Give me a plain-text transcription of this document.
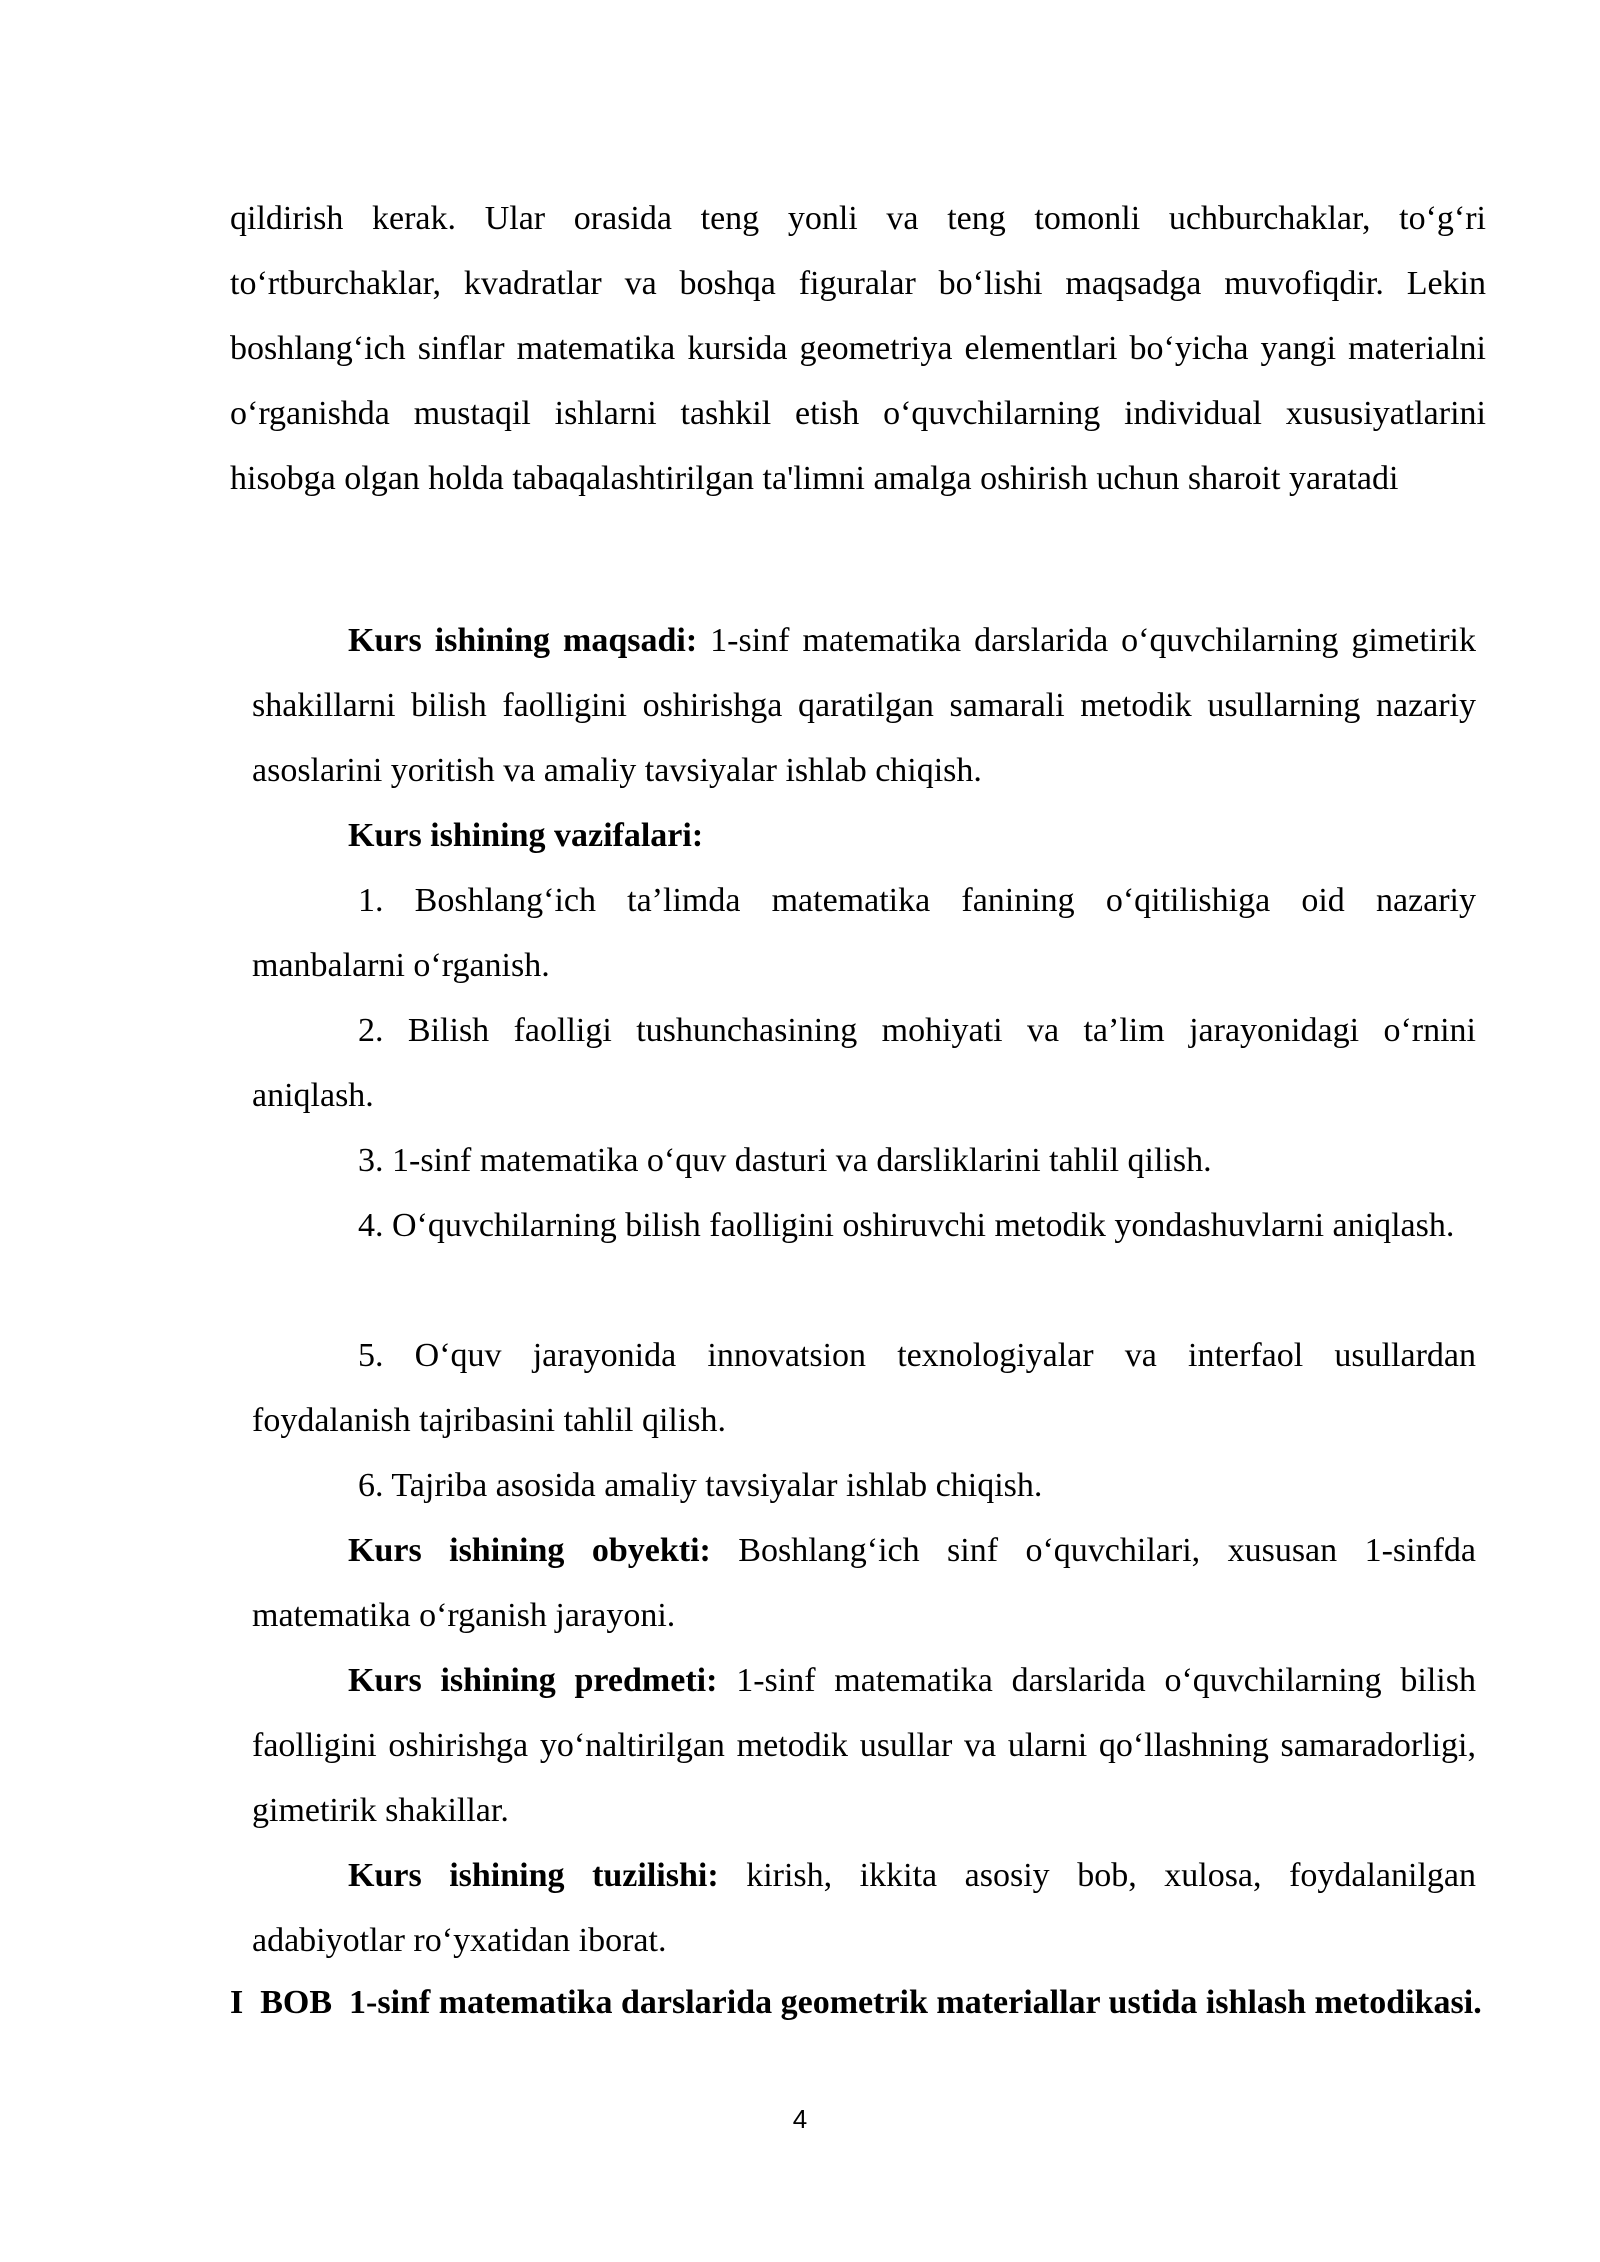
qildirish kerak. Ular orasida teng yonli va teng tomonli uchburchaklar, to‘g‘ri to‘rtburchaklar, kvadratlar va boshqa figuralar bo‘lishi maqsadga muvofiqdir. Lekin boshlang‘ich sinflar matematika kursida geometriya elementlari bo‘yicha yangi materialni o‘rganishda mustaqil ishlarni tashkil etish o‘quvchilarning individual xususiyatlarini hisobga olgan holda tabaqalashtirilgan ta'limni amalga oshirish uchun sharoit yaratadi

Kurs ishining maqsadi: 1-sinf matematika darslarida o‘quvchilarning gimetirik shakillarni bilish faolligini oshirishga qaratilgan samarali metodik usullarning nazariy asoslarini yoritish va amaliy tavsiyalar ishlab chiqish.

Kurs ishining vazifalari:

1. Boshlang‘ich ta’limda matematika fanining o‘qitilishiga oid nazariy manbalarni o‘rganish.

2. Bilish faolligi tushunchasining mohiyati va ta’lim jarayonidagi o‘rnini aniqlash.

3. 1-sinf matematika o‘quv dasturi va darsliklarini tahlil qilish.

4. O‘quvchilarning bilish faolligini oshiruvchi metodik yondashuvlarni aniqlash.

5. O‘quv jarayonida innovatsion texnologiyalar va interfaol usullardan foydalanish tajribasini tahlil qilish.

6. Tajriba asosida amaliy tavsiyalar ishlab chiqish.

Kurs ishining obyekti: Boshlang‘ich sinf o‘quvchilari, xususan 1-sinfda matematika o‘rganish jarayoni.

Kurs ishining predmeti: 1-sinf matematika darslarida o‘quvchilarning bilish faolligini oshirishga yo‘naltirilgan metodik usullar va ularni qo‘llashning samaradorligi, gimetirik shakillar.

Kurs ishining tuzilishi: kirish, ikkita asosiy bob, xulosa, foydalanilgan adabiyotlar ro‘yxatidan iborat.

I  BOB  1-sinf matematika darslarida geometrik materiallar ustida ishlash metodikasi.

4
